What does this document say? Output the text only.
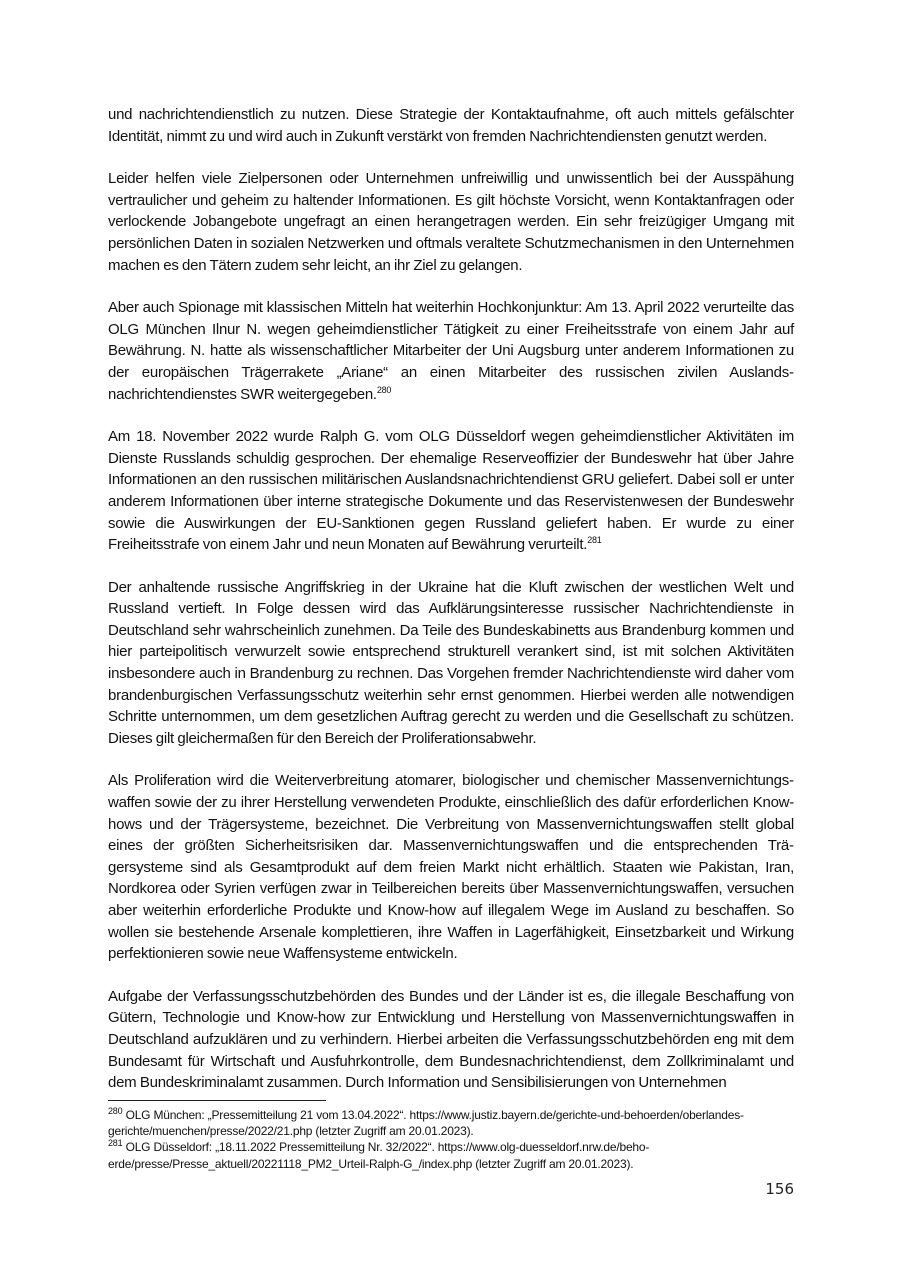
und nachrichtendienstlich zu nutzen. Diese Strategie der Kontaktaufnahme, oft auch mittels gefälschter Identität, nimmt zu und wird auch in Zukunft verstärkt von fremden Nachrichtendiensten genutzt werden.

Leider helfen viele Zielpersonen oder Unternehmen unfreiwillig und unwissentlich bei der Ausspähung vertraulicher und geheim zu haltender Informationen. Es gilt höchste Vorsicht, wenn Kontaktanfragen oder verlockende Jobangebote ungefragt an einen herangetragen werden. Ein sehr freizügiger Umgang mit persönlichen Daten in sozialen Netzwerken und oftmals veraltete Schutzmechanismen in den Unternehmen machen es den Tätern zudem sehr leicht, an ihr Ziel zu gelangen.

Aber auch Spionage mit klassischen Mitteln hat weiterhin Hochkonjunktur: Am 13. April 2022 verurteilte das OLG München Ilnur N. wegen geheimdienstlicher Tätigkeit zu einer Freiheitsstrafe von einem Jahr auf Bewährung. N. hatte als wissenschaftlicher Mitarbeiter der Uni Augsburg unter anderem Informationen zu der europäischen Trägerrakete „Ariane“ an einen Mitarbeiter des russischen zivilen Auslandsnachrichtendienstes SWR weitergegeben.$^{280}$

Am 18. November 2022 wurde Ralph G. vom OLG Düsseldorf wegen geheimdienstlicher Aktivitäten im Dienste Russlands schuldig gesprochen. Der ehemalige Reserveoffizier der Bundeswehr hat über Jahre Informationen an den russischen militärischen Auslandsnachrichtendienst GRU geliefert. Dabei soll er unter anderem Informationen über interne strategische Dokumente und das Reservistenwesen der Bundeswehr sowie die Auswirkungen der EU-Sanktionen gegen Russland geliefert haben. Er wurde zu einer Freiheitsstrafe von einem Jahr und neun Monaten auf Bewährung verurteilt.$^{281}$

Der anhaltende russische Angriffskrieg in der Ukraine hat die Kluft zwischen der westlichen Welt und Russland vertieft. In Folge dessen wird das Aufklärungsinteresse russischer Nachrichtendienste in Deutschland sehr wahrscheinlich zunehmen. Da Teile des Bundeskabinetts aus Brandenburg kommen und hier parteipolitisch verwurzelt sowie entsprechend strukturell verankert sind, ist mit solchen Aktivitäten insbesondere auch in Brandenburg zu rechnen. Das Vorgehen fremder Nachrichtendienste wird daher vom brandenburgischen Verfassungsschutz weiterhin sehr ernst genommen. Hierbei werden alle notwendigen Schritte unternommen, um dem gesetzlichen Auftrag gerecht zu werden und die Gesellschaft zu schützen. Dieses gilt gleichermaßen für den Bereich der Proliferationsabwehr.

Als Proliferation wird die Weiterverbreitung atomarer, biologischer und chemischer Massenvernichtungswaffen sowie der zu ihrer Herstellung verwendeten Produkte, einschließlich des dafür erforderlichen Know-hows und der Trägersysteme, bezeichnet. Die Verbreitung von Massenvernichtungswaffen stellt global eines der größten Sicherheitsrisiken dar. Massenvernichtungswaffen und die entsprechenden Trägersysteme sind als Gesamtprodukt auf dem freien Markt nicht erhältlich. Staaten wie Pakistan, Iran, Nordkorea oder Syrien verfügen zwar in Teilbereichen bereits über Massenvernichtungswaffen, versuchen aber weiterhin erforderliche Produkte und Know-how auf illegalem Wege im Ausland zu beschaffen. So wollen sie bestehende Arsenale komplettieren, ihre Waffen in Lagerfähigkeit, Einsetzbarkeit und Wirkung perfektionieren sowie neue Waffensysteme entwickeln.

Aufgabe der Verfassungsschutzbehörden des Bundes und der Länder ist es, die illegale Beschaffung von Gütern, Technologie und Know-how zur Entwicklung und Herstellung von Massenvernichtungswaffen in Deutschland aufzuklären und zu verhindern. Hierbei arbeiten die Verfassungsschutzbehörden eng mit dem Bundesamt für Wirtschaft und Ausfuhrkontrolle, dem Bundesnachrichtendienst, dem Zollkriminalamt und dem Bundeskriminalamt zusammen. Durch Information und Sensibilisierungen von Unternehmen

$^{280}$ OLG München: „Pressemitteilung 21 vom 13.04.2022“. https://www.justiz.bayern.de/gerichte-und-behoerden/oberlandesgerichte/muenchen/presse/2022/21.php (letzter Zugriff am 20.01.2023).

$^{281}$ OLG Düsseldorf: „18.11.2022 Pressemitteilung Nr. 32/2022“. https://www.olg-duesseldorf.nrw.de/behoerde/presse/Presse_aktuell/20221118_PM2_Urteil-Ralph-G_/index.php (letzter Zugriff am 20.01.2023).

156
